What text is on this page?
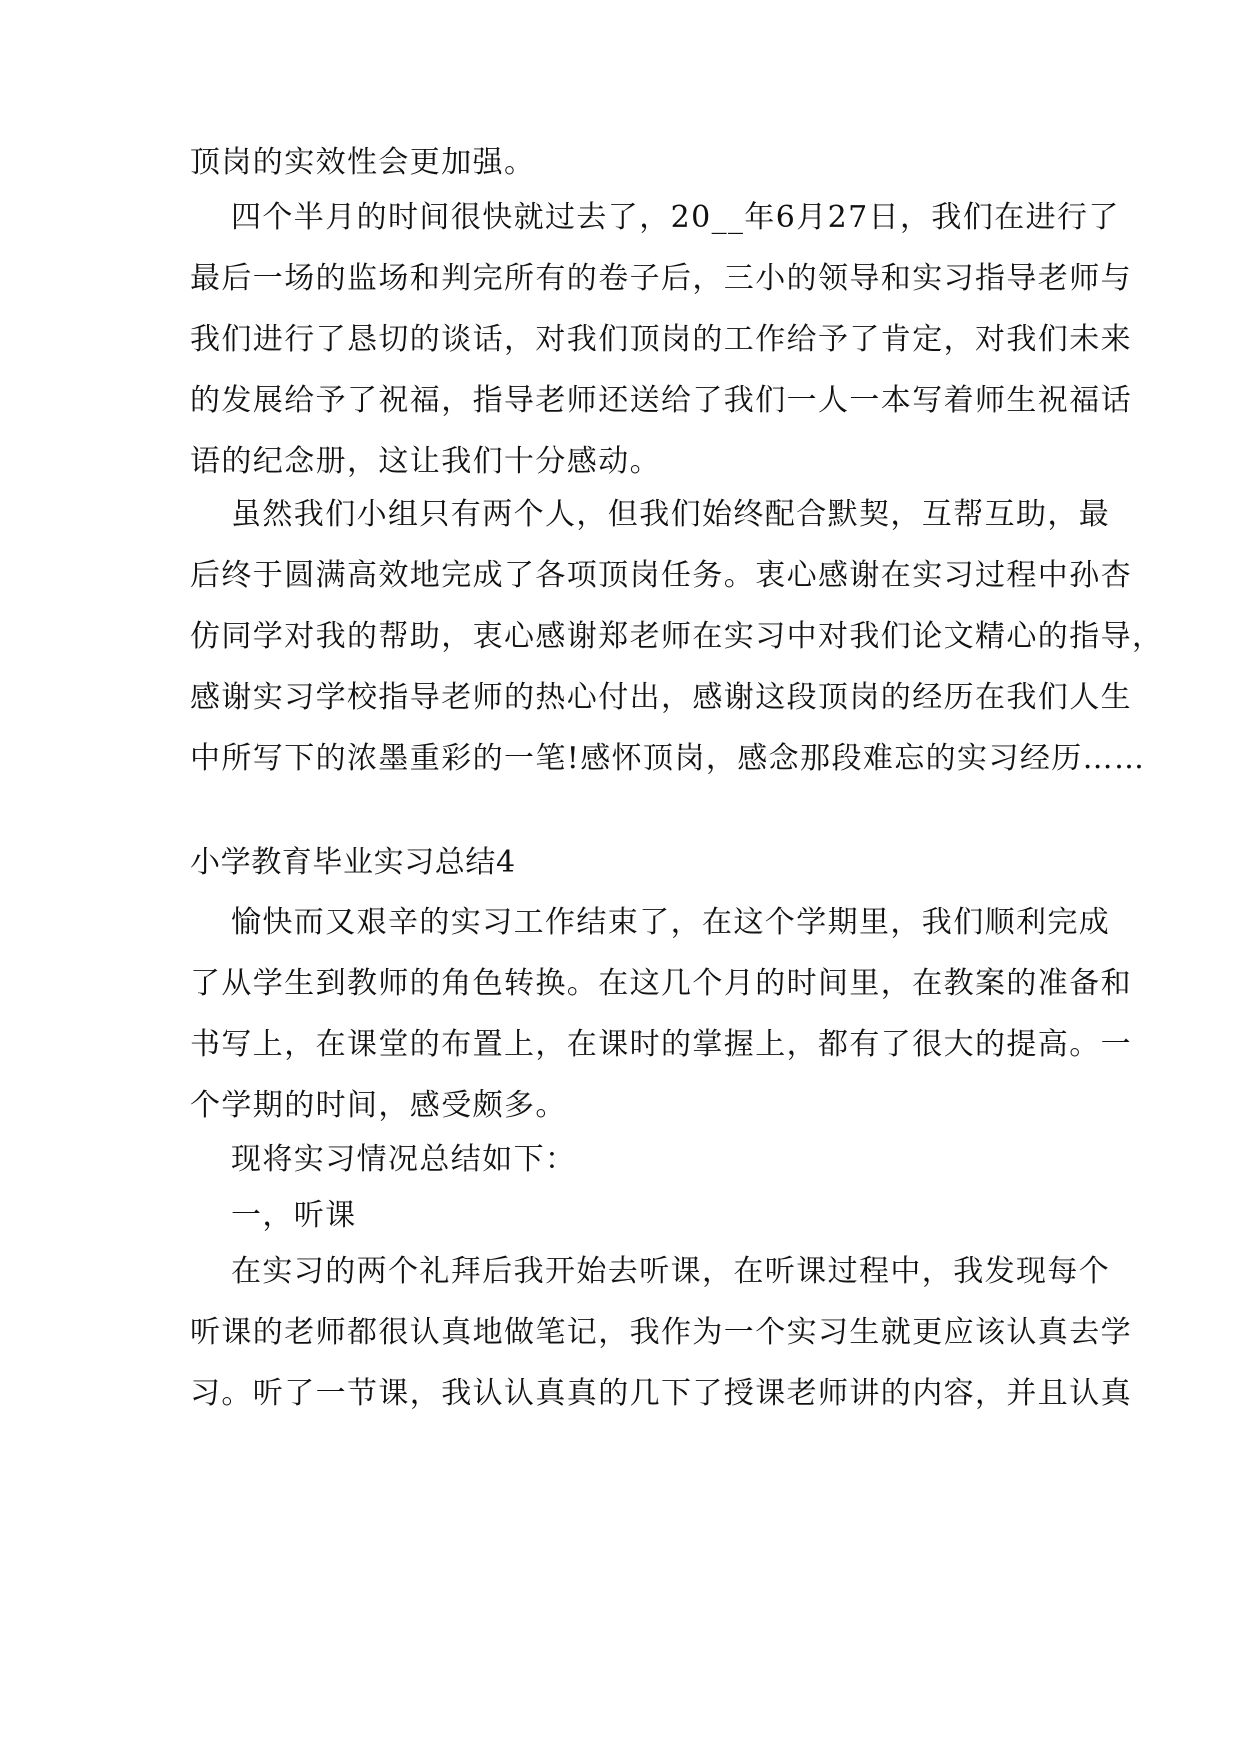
顶岗的实效性会更加强。
四个半月的时间很快就过去了，20__年6月27日，我们在进行了
最后一场的监场和判完所有的卷子后，三小的领导和实习指导老师与
我们进行了恳切的谈话，对我们顶岗的工作给予了肯定，对我们未来
的发展给予了祝福，指导老师还送给了我们一人一本写着师生祝福话
语的纪念册，这让我们十分感动。
虽然我们小组只有两个人，但我们始终配合默契，互帮互助，最
后终于圆满高效地完成了各项顶岗任务。衷心感谢在实习过程中孙杏
仿同学对我的帮助，衷心感谢郑老师在实习中对我们论文精心的指导，
感谢实习学校指导老师的热心付出，感谢这段顶岗的经历在我们人生
中所写下的浓墨重彩的一笔!感怀顶岗，感念那段难忘的实习经历……
小学教育毕业实习总结4
愉快而又艰辛的实习工作结束了，在这个学期里，我们顺利完成
了从学生到教师的角色转换。在这几个月的时间里，在教案的准备和
书写上，在课堂的布置上，在课时的掌握上，都有了很大的提高。一
个学期的时间，感受颇多。
现将实习情况总结如下：
一，听课
在实习的两个礼拜后我开始去听课，在听课过程中，我发现每个
听课的老师都很认真地做笔记，我作为一个实习生就更应该认真去学
习。听了一节课，我认认真真的几下了授课老师讲的内容，并且认真
